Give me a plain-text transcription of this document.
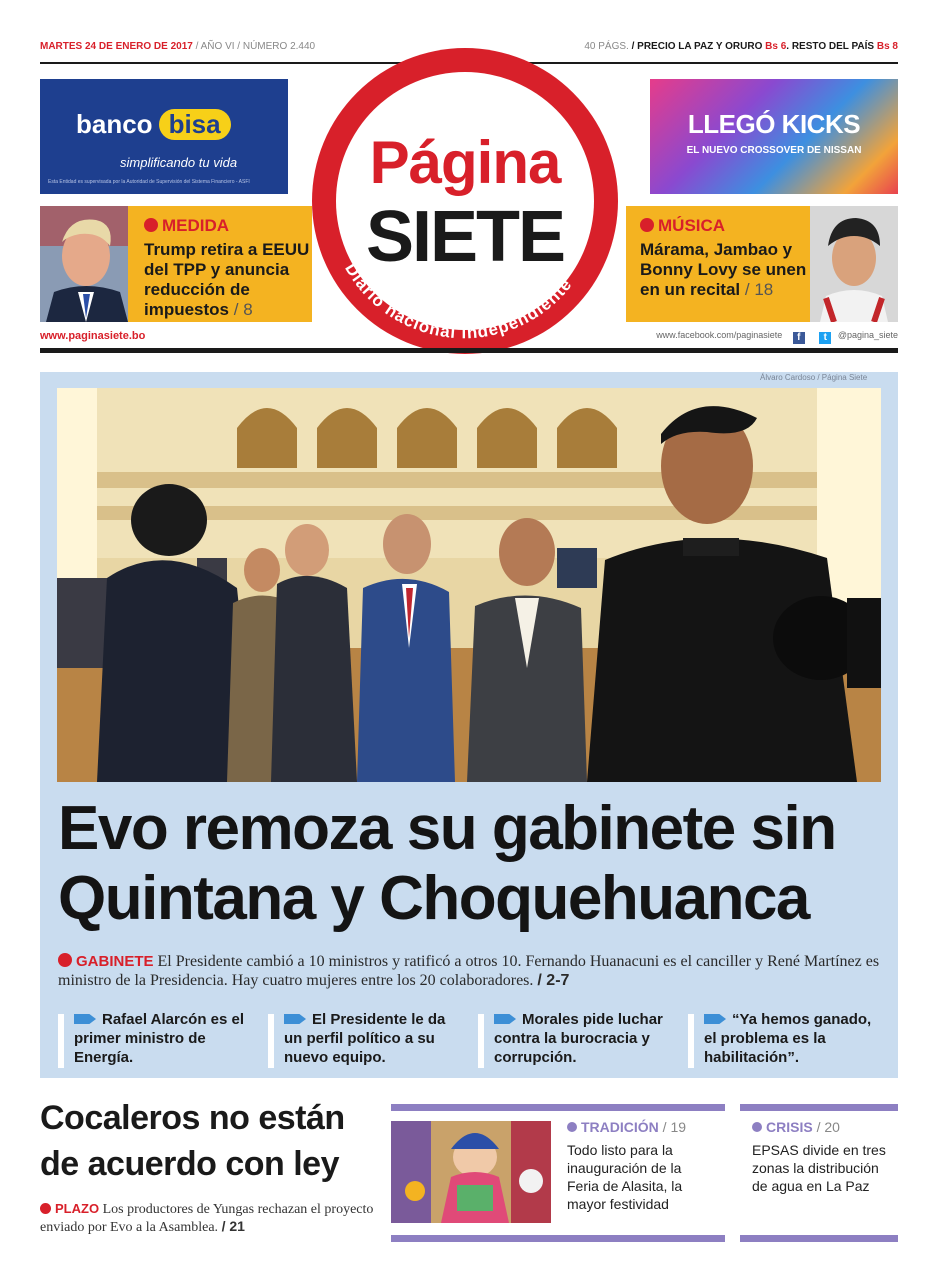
MARTES 24 DE ENERO DE 2017 / AÑO VI / NÚMERO 2.440	40 PÁGS. / PRECIO LA PAZ Y ORURO Bs 6. RESTO DEL PAÍS Bs 8
banco bisa
simplificando tu vida
Esta Entidad es supervisada por la Autoridad de Supervisión del Sistema Financiero - ASFI
LLEGÓ KICKS
EL NUEVO CROSSOVER DE NISSAN
MEDIDA
Trump retira a EEUU del TPP y anuncia reducción de impuestos / 8
MÚSICA
Márama, Jambao y Bonny Lovy se unen en un recital / 18
Página
SIETE
Diario nacional independiente
www.paginasiete.bo	www.facebook.com/paginasiete f t @pagina_siete
Álvaro Cardoso / Página Siete
Evo remoza su gabinete sin
Quintana y Choquehuanca
GABINETE El Presidente cambió a 10 ministros y ratificó a otros 10. Fernando Huanacuni es el canciller y René Martínez es ministro de la Presidencia. Hay cuatro mujeres entre los 20 colaboradores. / 2-7
Rafael Alarcón es el primer ministro de Energía.
El Presidente le da un perfil político a su nuevo equipo.
Morales pide luchar contra la burocracia y corrupción.
“Ya hemos ganado, el problema es la habilitación”.
Cocaleros no están
de acuerdo con ley
PLAZO Los productores de Yungas rechazan el proyecto enviado por Evo a la Asamblea. / 21
TRADICIÓN / 19
Todo listo para la inauguración de la Feria de Alasita, la mayor festividad
CRISIS / 20
EPSAS divide en tres zonas la distribución de agua en La Paz
